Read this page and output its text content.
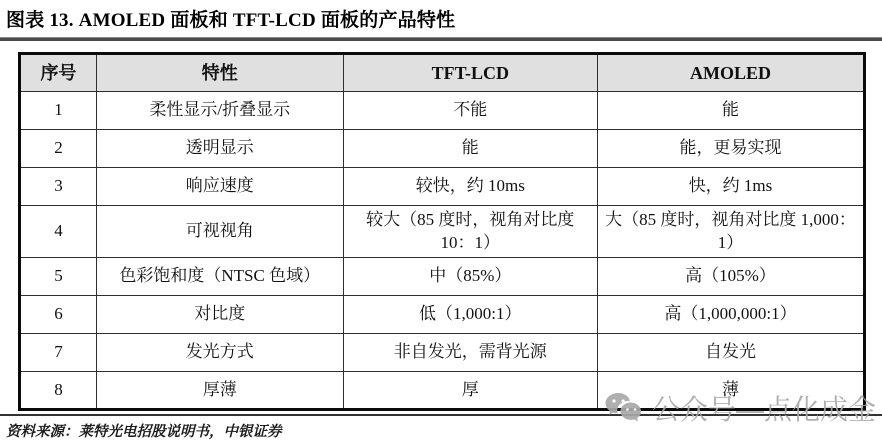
图表 13. AMOLED 面板和 TFT-LCD 面板的产品特性
序号	特性	TFT-LCD	AMOLED
1	柔性显示/折叠显示	不能	能
2	透明显示	能	能，更易实现
3	响应速度	较快，约 10ms	快，约 1ms
4	可视视角	较大（85 度时，视角对比度 10：1）	大（85 度时，视角对比度 1,000：1）
5	色彩饱和度（NTSC 色域）	中（85%）	高（105%）
6	对比度	低（1,000:1）	高（1,000,000:1）
7	发光方式	非自发光，需背光源	自发光
8	厚薄	厚	薄
资料来源：莱特光电招股说明书，中银证券
公众号—点化成金
